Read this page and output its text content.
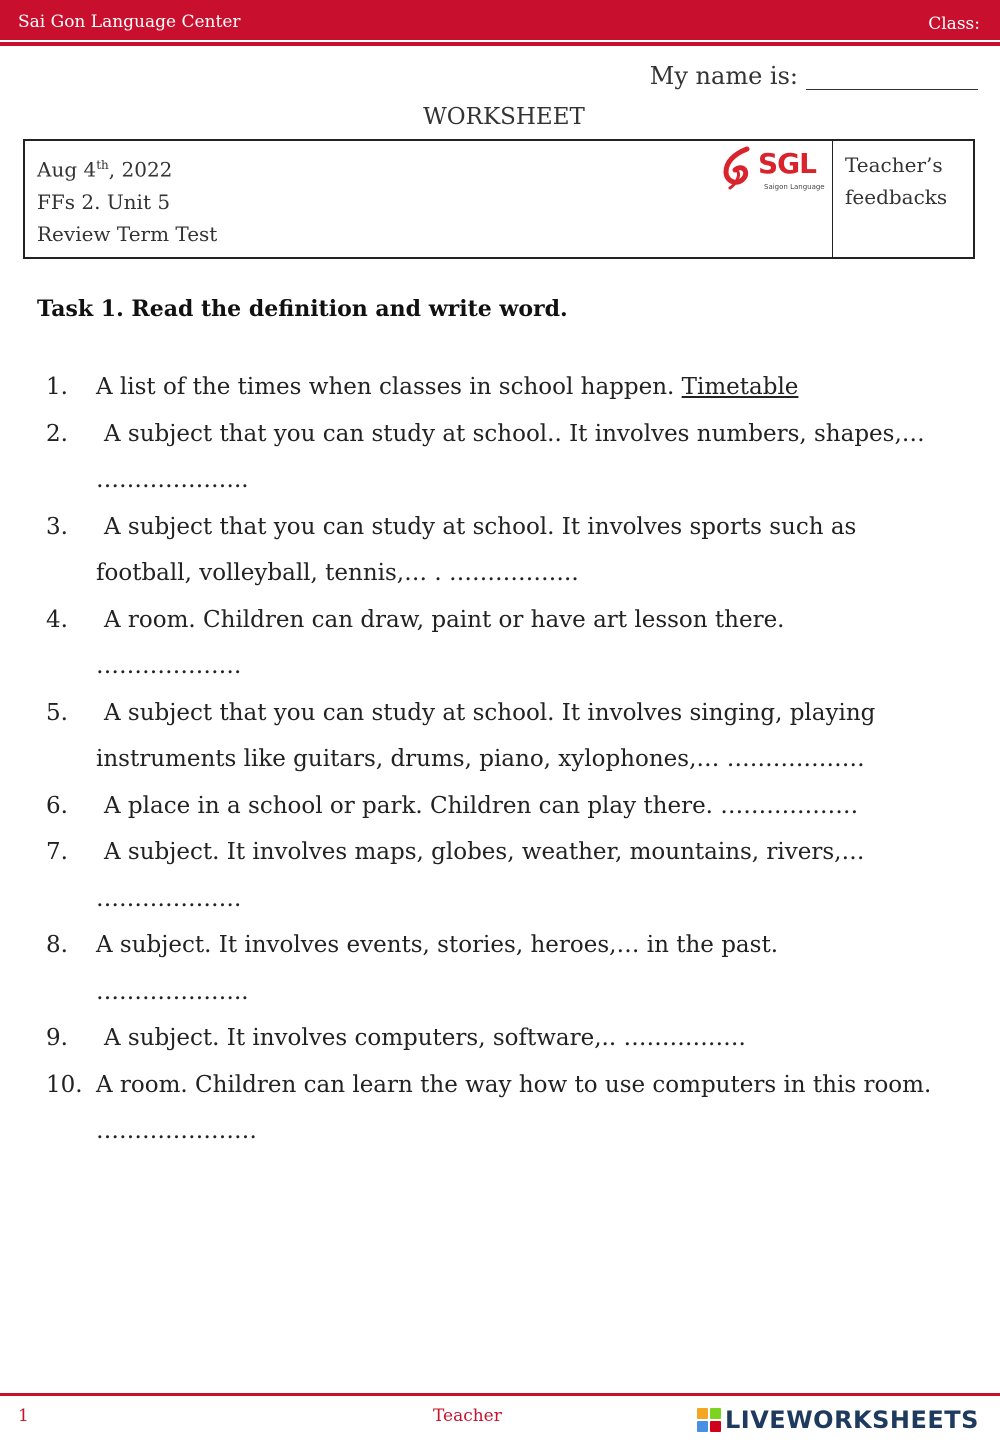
Sai Gon Language Center	Class:
My name is:
WORKSHEET
Aug 4th, 2022
FFs 2. Unit 5
Review Term Test
SGL
Saigon Language
Teacher’s
feedbacks
Task 1. Read the definition and write word.
1. A list of the times when classes in school happen. Timetable
2.	A subject that you can study at school.. It involves numbers, shapes,… ………………..
3.	A subject that you can study at school. It involves sports such as football, volleyball, tennis,… . ……………..
4.	A room. Children can draw, paint or have art lesson there. ……………….
5.	A subject that you can study at school. It involves singing, playing instruments like guitars, drums, piano, xylophones,… ………………
6.	A place in a school or park. Children can play there. ………………
7.	A subject. It involves maps, globes, weather, mountains, rivers,… ……………….
8. A subject. It involves events, stories, heroes,… in the past. ………………..
9.	A subject. It involves computers, software,.. …………….
10. A room. Children can learn the way how to use computers in this room. …………………
1	Teacher	LIVEWORKSHEETS
